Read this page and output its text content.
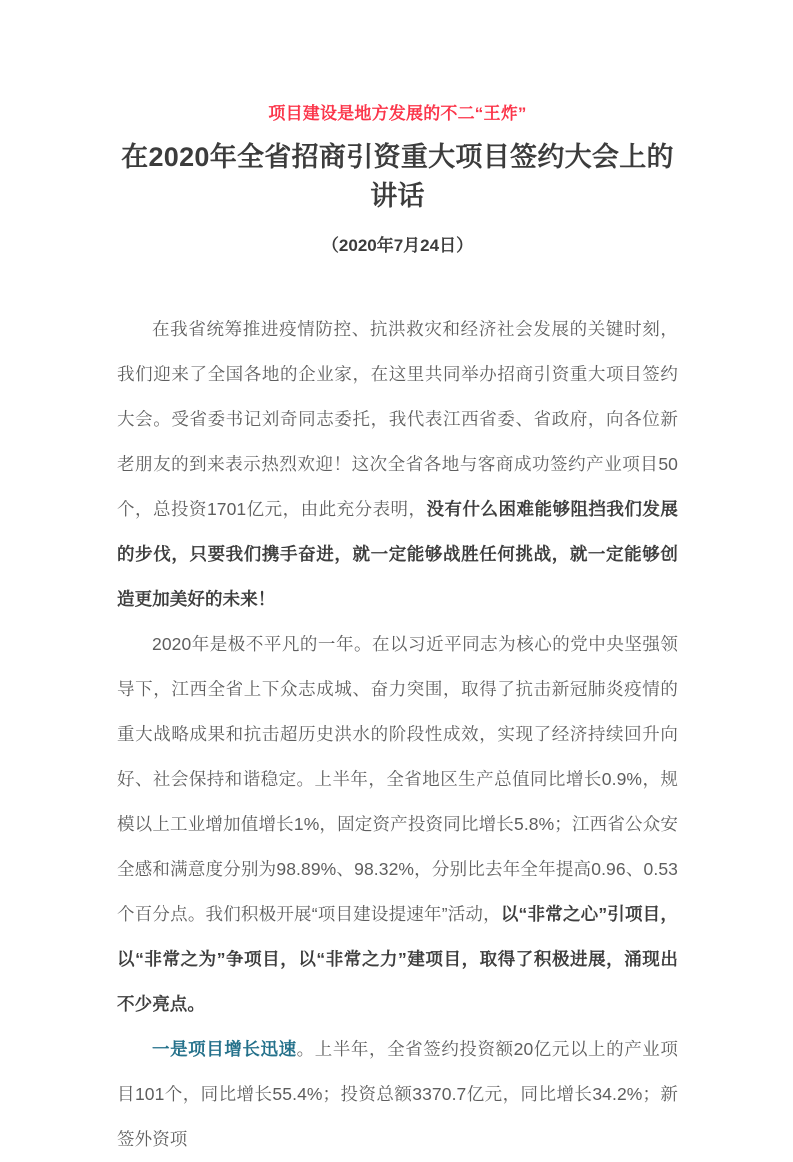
项目建设是地方发展的不二“王炸”
在2020年全省招商引资重大项目签约大会上的讲话
（2020年7月24日）

在我省统筹推进疫情防控、抗洪救灾和经济社会发展的关键时刻，我们迎来了全国各地的企业家，在这里共同举办招商引资重大项目签约大会。受省委书记刘奇同志委托，我代表江西省委、省政府，向各位新老朋友的到来表示热烈欢迎！这次全省各地与客商成功签约产业项目50个，总投资1701亿元，由此充分表明，没有什么困难能够阻挡我们发展的步伐，只要我们携手奋进，就一定能够战胜任何挑战，就一定能够创造更加美好的未来！

2020年是极不平凡的一年。在以习近平同志为核心的党中央坚强领导下，江西全省上下众志成城、奋力突围，取得了抗击新冠肺炎疫情的重大战略成果和抗击超历史洪水的阶段性成效，实现了经济持续回升向好、社会保持和谐稳定。上半年，全省地区生产总值同比增长0.9%，规模以上工业增加值增长1%，固定资产投资同比增长5.8%；江西省公众安全感和满意度分别为98.89%、98.32%，分别比去年全年提高0.96、0.53个百分点。我们积极开展“项目建设提速年”活动，以“非常之心”引项目，以“非常之为”争项目，以“非常之力”建项目，取得了积极进展，涌现出不少亮点。

一是项目增长迅速。上半年，全省签约投资额20亿元以上的产业项目101个，同比增长55.4%；投资总额3370.7亿元，同比增长34.2%；新签外资项
